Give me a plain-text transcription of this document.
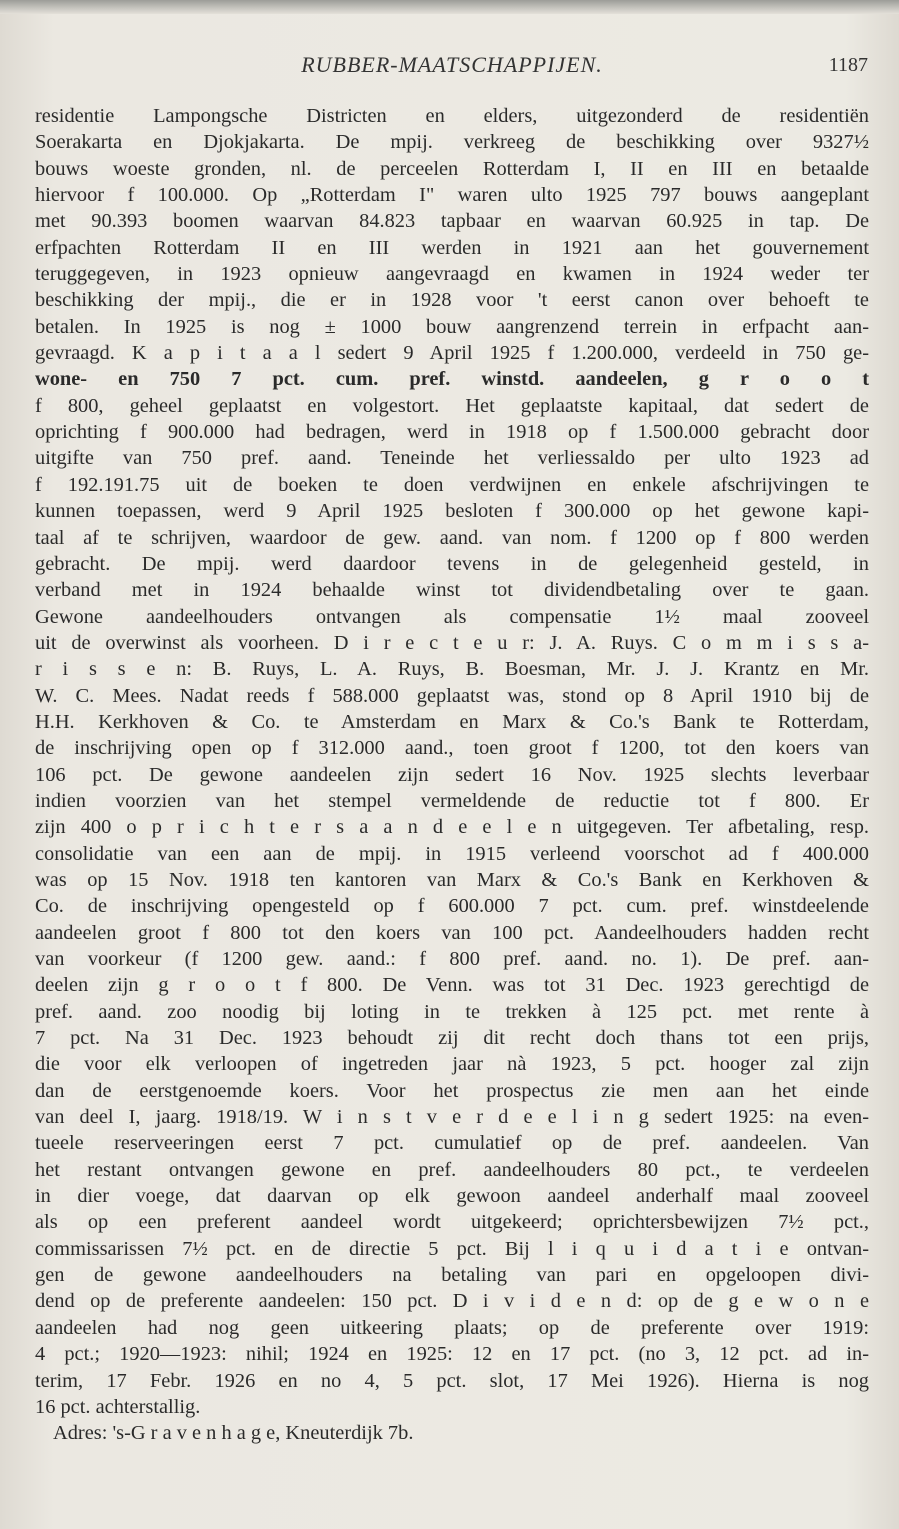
RUBBER-MAATSCHAPPIJEN.	1187
residentie Lampongsche Districten en elders, uitgezonderd de residentiën
Soerakarta en Djokjakarta. De mpij. verkreeg de beschikking over 9327½
bouws woeste gronden, nl. de perceelen Rotterdam I, II en III en betaalde
hiervoor f 100.000. Op „Rotterdam I" waren ulto 1925 797 bouws aangeplant
met 90.393 boomen waarvan 84.823 tapbaar en waarvan 60.925 in tap. De
erfpachten Rotterdam II en III werden in 1921 aan het gouvernement
teruggegeven, in 1923 opnieuw aangevraagd en kwamen in 1924 weder ter
beschikking der mpij., die er in 1928 voor 't eerst canon over behoeft te
betalen. In 1925 is nog ± 1000 bouw aangrenzend terrein in erfpacht aan-
gevraagd. K a p i t a a l sedert 9 April 1925 f 1.200.000, verdeeld in 750 ge-
wone- en 750 7 pct. cum. pref. winstd. aandeelen, g r o o t
f 800, geheel geplaatst en volgestort. Het geplaatste kapitaal, dat sedert de
oprichting f 900.000 had bedragen, werd in 1918 op f 1.500.000 gebracht door
uitgifte van 750 pref. aand. Teneinde het verliessaldo per ulto 1923 ad
f 192.191.75 uit de boeken te doen verdwijnen en enkele afschrijvingen te
kunnen toepassen, werd 9 April 1925 besloten f 300.000 op het gewone kapi-
taal af te schrijven, waardoor de gew. aand. van nom. f 1200 op f 800 werden
gebracht. De mpij. werd daardoor tevens in de gelegenheid gesteld, in
verband met in 1924 behaalde winst tot dividendbetaling over te gaan.
Gewone aandeelhouders ontvangen als compensatie 1½ maal zooveel
uit de overwinst als voorheen. D i r e c t e u r: J. A. Ruys. C o m m i s s a-
r i s s e n: B. Ruys, L. A. Ruys, B. Boesman, Mr. J. J. Krantz en Mr.
W. C. Mees. Nadat reeds f 588.000 geplaatst was, stond op 8 April 1910 bij de
H.H. Kerkhoven & Co. te Amsterdam en Marx & Co.'s Bank te Rotterdam,
de inschrijving open op f 312.000 aand., toen groot f 1200, tot den koers van
106 pct. De gewone aandeelen zijn sedert 16 Nov. 1925 slechts leverbaar
indien voorzien van het stempel vermeldende de reductie tot f 800. Er
zijn 400 o p r i c h t e r s a a n d e e l e n uitgegeven. Ter afbetaling, resp.
consolidatie van een aan de mpij. in 1915 verleend voorschot ad f 400.000
was op 15 Nov. 1918 ten kantoren van Marx & Co.'s Bank en Kerkhoven &
Co. de inschrijving opengesteld op f 600.000 7 pct. cum. pref. winstdeelende
aandeelen groot f 800 tot den koers van 100 pct. Aandeelhouders hadden recht
van voorkeur (f 1200 gew. aand.: f 800 pref. aand. no. 1). De pref. aan-
deelen zijn g r o o t f 800. De Venn. was tot 31 Dec. 1923 gerechtigd de
pref. aand. zoo noodig bij loting in te trekken à 125 pct. met rente à
7 pct. Na 31 Dec. 1923 behoudt zij dit recht doch thans tot een prijs,
die voor elk verloopen of ingetreden jaar nà 1923, 5 pct. hooger zal zijn
dan de eerstgenoemde koers. Voor het prospectus zie men aan het einde
van deel I, jaarg. 1918/19. W i n s t v e r d e e l i n g sedert 1925: na even-
tueele reserveeringen eerst 7 pct. cumulatief op de pref. aandeelen. Van
het restant ontvangen gewone en pref. aandeelhouders 80 pct., te verdeelen
in dier voege, dat daarvan op elk gewoon aandeel anderhalf maal zooveel
als op een preferent aandeel wordt uitgekeerd; oprichtersbewijzen 7½ pct.,
commissarissen 7½ pct. en de directie 5 pct. Bij l i q u i d a t i e ontvan-
gen de gewone aandeelhouders na betaling van pari en opgeloopen divi-
dend op de preferente aandeelen: 150 pct. D i v i d e n d: op de g e w o n e
aandeelen had nog geen uitkeering plaats; op de preferente over 1919:
4 pct.; 1920—1923: nihil; 1924 en 1925: 12 en 17 pct. (no 3, 12 pct. ad in-
terim, 17 Febr. 1926 en no 4, 5 pct. slot, 17 Mei 1926). Hierna is nog
16 pct. achterstallig.
Adres: 's-G r a v e n h a g e, Kneuterdijk 7b.
